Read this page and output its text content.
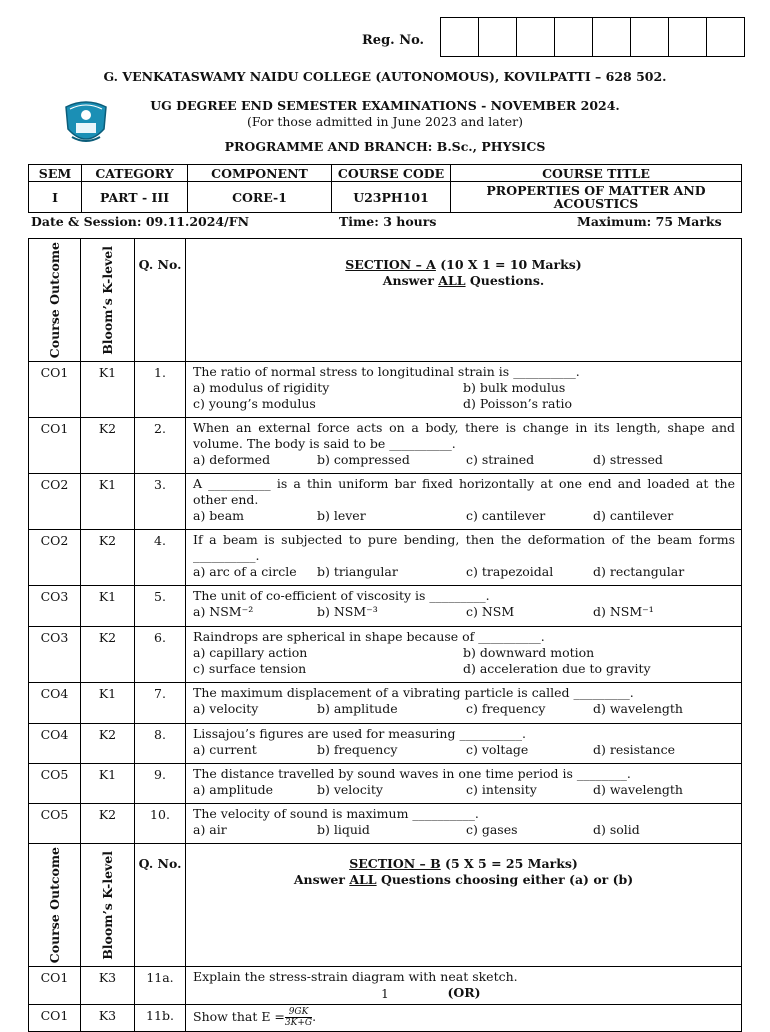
Reg. No.
G. VENKATASWAMY NAIDU COLLEGE (AUTONOMOUS), KOVILPATTI – 628 502.
UG DEGREE END SEMESTER EXAMINATIONS - NOVEMBER 2024.
(For those admitted in June 2023 and later)
PROGRAMME AND BRANCH: B.Sc., PHYSICS
SEM	CATEGORY	COMPONENT	COURSE CODE	COURSE TITLE
I	PART - III	CORE-1	U23PH101	PROPERTIES OF MATTER AND ACOUSTICS
Date & Session: 09.11.2024/FN	Time: 3 hours	Maximum: 75 Marks
Course Outcome	Bloom’s K-level	Q. No.	SECTION – A (10 X 1 = 10 Marks)
Answer ALL Questions.

CO1	K1	1.	The ratio of normal stress to longitudinal strain is __________.
a) modulus of rigidity b) bulk modulus
c) young’s modulus d) Poisson’s ratio

CO1	K2	2.	When an external force acts on a body, there is change in its length, shape and volume. The body is said to be __________.
a) deformed b) compressed c) strained d) stressed

CO2	K1	3.	A __________ is a thin uniform bar fixed horizontally at one end and loaded at the other end.
a) beam b) lever c) cantilever d) cantilever

CO2	K2	4.	If a beam is subjected to pure bending, then the deformation of the beam forms __________.
a) arc of a circle b) triangular c) trapezoidal d) rectangular

CO3	K1	5.	The unit of co-efficient of viscosity is _________.
a) NSM⁻² b) NSM⁻³ c) NSM d) NSM⁻¹

CO3	K2	6.	Raindrops are spherical in shape because of __________.
a) capillary action b) downward motion
c) surface tension d) acceleration due to gravity

CO4	K1	7.	The maximum displacement of a vibrating particle is called _________.
a) velocity b) amplitude c) frequency d) wavelength

CO4	K2	8.	Lissajou’s figures are used for measuring __________.
a) current b) frequency c) voltage d) resistance

CO5	K1	9.	The distance travelled by sound waves in one time period is ________.
a) amplitude b) velocity c) intensity d) wavelength

CO5	K2	10.	The velocity of sound is maximum __________.
a) air b) liquid c) gases d) solid

Course Outcome	Bloom’s K-level	Q. No.	SECTION – B (5 X 5 = 25 Marks)
Answer ALL Questions choosing either (a) or (b)

CO1	K3	11a.	Explain the stress-strain diagram with neat sketch.
(OR)

CO1	K3	11b.	Show that $E = \frac{9GK}{3K+G}$ .
1
